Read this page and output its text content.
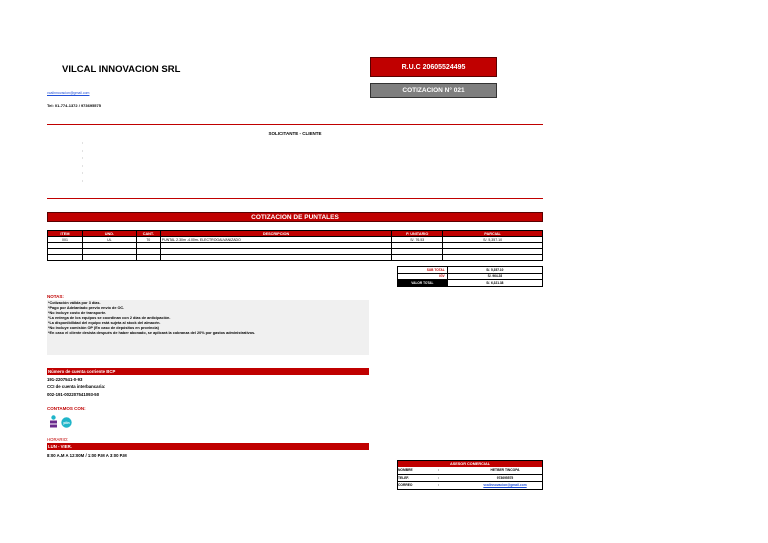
VILCAL INNOVACION SRL	R.U.C 20605524495
COTIZACION N° 021
vcalinnovacion@gmail.com
Tel: 01-774-1372 / 973695575
SOLICITANTE - CLIENTE
:
:
:
:
:
:
COTIZACION DE PUNTALES
ITEM	UND.	CANT.	DESCRIPCION	P. UNITARIO	PARCIAL
001	UL	70	PUNTAL 2.30m -4.00m- ELECTROGALVANIZADO	S/. 76.53	S/. 5,357.10

SUB TOTAL	S/. 5,357.10
IGV	S/. 964.28
VALOR TOTAL	S/. 6,321.38
NOTAS:
*Cotización válida por 3 días.
*Pago por Adelantado previo envío de OC.
*No incluye costo de transporte.
*La entrega de los equipos se coordinan con 2 días de anticipación.
*La disponibilidad del equipo está sujeta al stock del almacén.
*No incluye comisión OP (En caso de depósitos en provincia)
*En caso el cliente desista después de haber abonado, se aplicará la cobranza del 20% por gastos administrativos.
Número de cuenta corriente BCP
191-2207541-0-93
CCI de cuenta interbancaria:
002-191-002207541093-50
CONTAMOS CON:
plin
HORARIO:
LUN - VIER.
8:00 A.M A 12:00M / 1:00 P.M A 3:00 P.M
ASESOR COMERCIAL		
NOMBRE	:	HETBER TINCOPA
TELEF.	:	973695575
CORREO	:	vcalinnovacion@gmail.com
